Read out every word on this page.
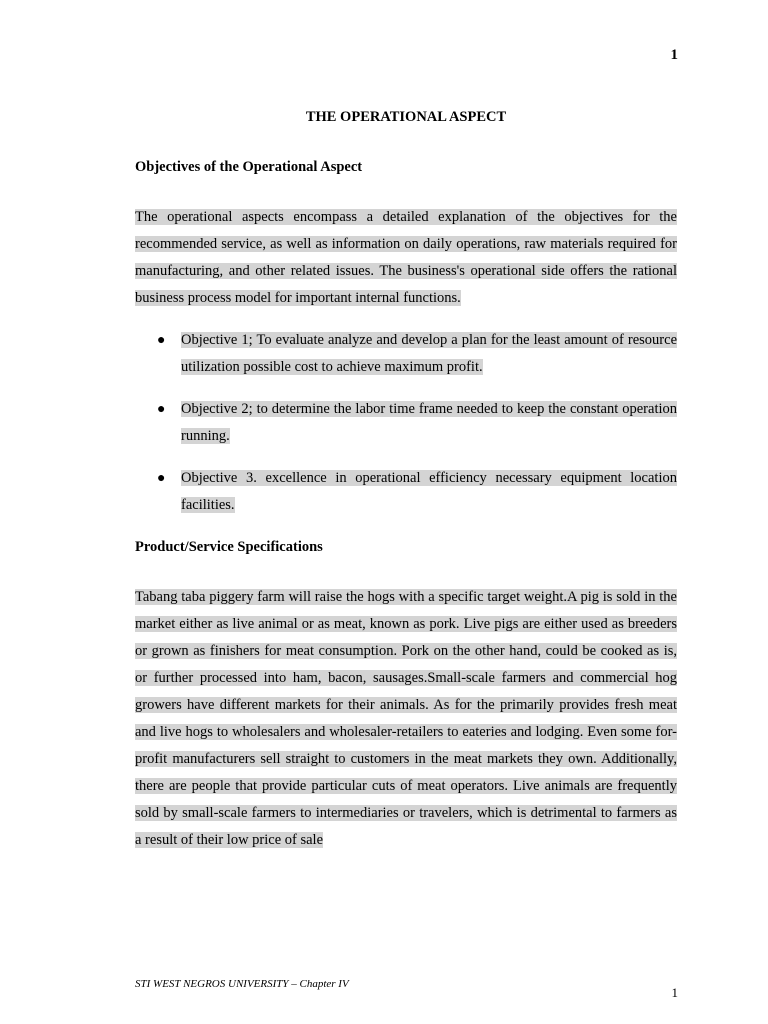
1
THE OPERATIONAL ASPECT
Objectives of the Operational Aspect
The operational aspects encompass a detailed explanation of the objectives for the recommended service, as well as information on daily operations, raw materials required for manufacturing, and other related issues. The business's operational side offers the rational business process model for important internal functions.
● Objective 1; To evaluate analyze and develop a plan for the least amount of resource utilization possible cost to achieve maximum profit.
● Objective 2; to determine the labor time frame needed to keep the constant operation running.
● Objective 3. excellence in operational efficiency necessary equipment location facilities.
Product/Service Specifications
Tabang taba piggery farm will raise the hogs with a specific target weight.A pig is sold in the market either as live animal or as meat, known as pork. Live pigs are either used as breeders or grown as finishers for meat consumption. Pork on the other hand, could be cooked as is, or further processed into ham, bacon, sausages.Small-scale farmers and commercial hog growers have different markets for their animals. As for the primarily provides fresh meat and live hogs to wholesalers and wholesaler-retailers to eateries and lodging. Even some for-profit manufacturers sell straight to customers in the meat markets they own. Additionally, there are people that provide particular cuts of meat operators. Live animals are frequently sold by small-scale farmers to intermediaries or travelers, which is detrimental to farmers as a result of their low price of sale
STI WEST NEGROS UNIVERSITY – Chapter IV
1
